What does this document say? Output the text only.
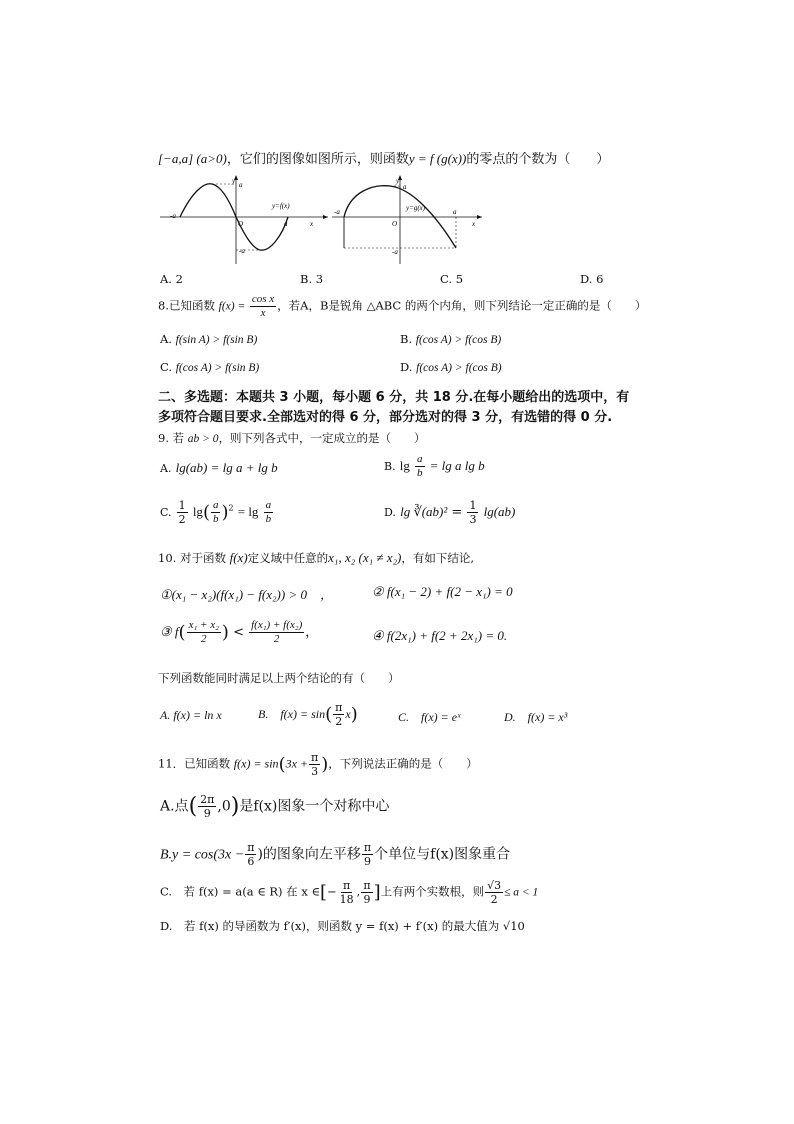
[−a,a] (a>0)，它们的图像如图所示，则函数y = f (g(x))的零点的个数为（　　）
y a
-a
-a
O	a	x
y=f(x)
y
a
-a
-a
O
a
x
y=g(x)
A. 2	B. 3	C. 5	D. 6
8.已知函数 $f(x) = \frac{\text{cos x}}{x}$ ，若A，B是锐角 △ABC 的两个内角，则下列结论一定正确的是（　　）
A. f(sin A) > f(sin B)	B. f(cos A) > f(cos B)
C. f(cos A) > f(sin B)	D. f(cos A) > f(cos B)
二、多选题：本题共 3 小题，每小题 6 分，共 18 分.在每小题给出的选项中，有
多项符合题目要求.全部选对的得 6 分，部分选对的得 3 分，有选错的得 0 分.
9. 若 ab > 0，则下列各式中，一定成立的是（　　）
A. lg(ab) = lg a + lg b	B. $\lg \frac{a}{b} = \lg a$ lg b
C. $\frac{1}{2} \lg( \frac{a}{b} )^2 = \lg \frac{a}{b}$	D. lg ∛(ab)² = $\frac{1}{3} \lg(ab)$
10. 对于函数 f(x)定义域中任意的x₁, x₂ (x₁ ≠ x₂)，有如下结论,
①(x₁ − x₂)(f(x₁) − f(x₂)) > 0　，	② f(x₁ − 2) + f(2 − x₁) = 0
③ $f( \frac{\text{x₁ + x₂}}{2}$ ) < $\frac{\text{f(x₁) + f(x₂)}}{2}$ ，	④ f(2x₁) + f(2 + 2x₁) = 0.
下列函数能同时满足以上两个结论的有（　　）
A. f(x) = ln x	B.　$f(x) = \sin( \frac{\pi}{2} x)$	C.　f(x) = eˣ	D.　f(x) = x³
11．已知函数 $f(x) = \sin(3x + \frac{\pi}{3}$ )，下列说法正确的是（　　）
A.点( $\frac{2\pi}{9} ,0$)是f(x)图象一个对称中心
$B.y = \cos(3x - \frac{\pi}{6}$ )的图象向左平移 $\frac{\pi}{9}$ 个单位与f(x)图象重合
C.　若 f(x) = a(a ∈ R) 在 x ∈[− $\frac{\pi}{18}$ , $\frac{\pi}{9}$ ]上有两个实数根，则 $\frac{√3}{2} \le a < 1$
D.　若 f(x) 的导函数为 f′(x)，则函数 y = f(x) + f′(x) 的最大值为 √10
